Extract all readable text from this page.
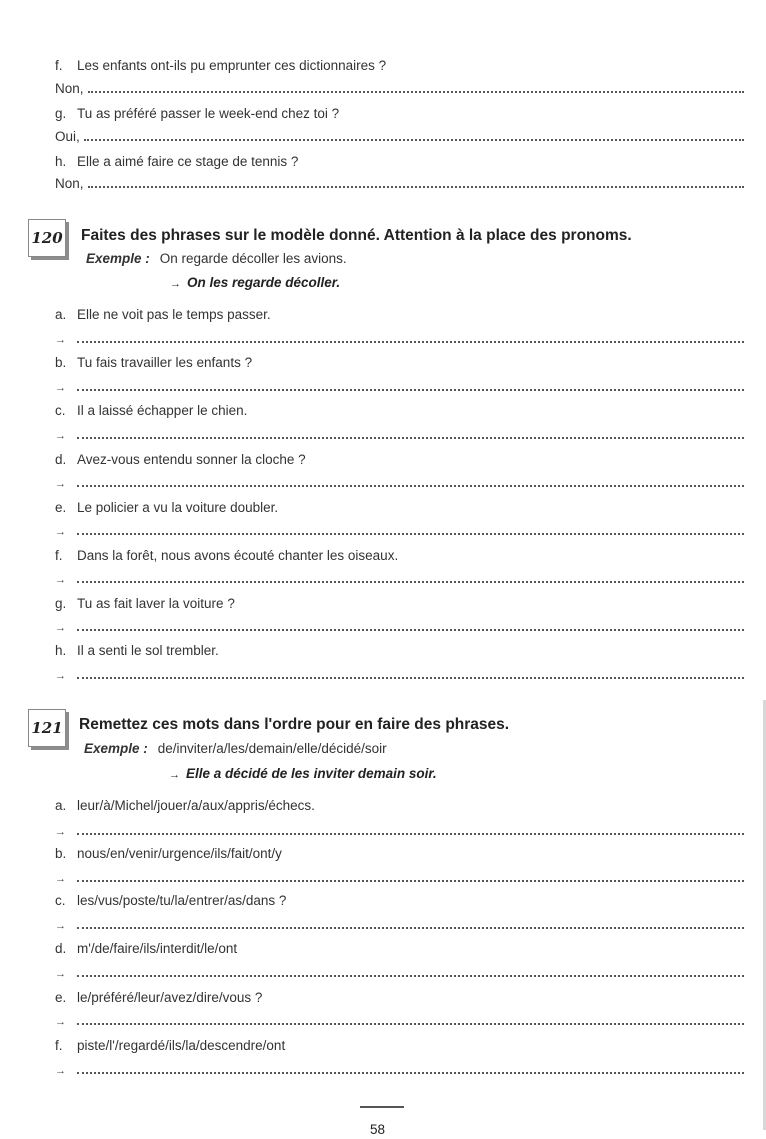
f. Les enfants ont-ils pu emprunter ces dictionnaires ?
Non,
g. Tu as préféré passer le week-end chez toi ?
Oui,
h. Elle a aimé faire ce stage de tennis ?
Non,
120 Faites des phrases sur le modèle donné. Attention à la place des pronoms.
Exemple : On regarde décoller les avions.
→ On les regarde décoller.
a. Elle ne voit pas le temps passer.
→
b. Tu fais travailler les enfants ?
→
c. Il a laissé échapper le chien.
→
d. Avez-vous entendu sonner la cloche ?
→
e. Le policier a vu la voiture doubler.
→
f. Dans la forêt, nous avons écouté chanter les oiseaux.
→
g. Tu as fait laver la voiture ?
→
h. Il a senti le sol trembler.
→
121 Remettez ces mots dans l'ordre pour en faire des phrases.
Exemple : de/inviter/a/les/demain/elle/décidé/soir
→ Elle a décidé de les inviter demain soir.
a. leur/à/Michel/jouer/a/aux/appris/échecs.
→
b. nous/en/venir/urgence/ils/fait/ont/y
→
c. les/vus/poste/tu/la/entrer/as/dans ?
→
d. m'/de/faire/ils/interdit/le/ont
→
e. le/préféré/leur/avez/dire/vous ?
→
f. piste/l'/regardé/ils/la/descendre/ont
→
58
